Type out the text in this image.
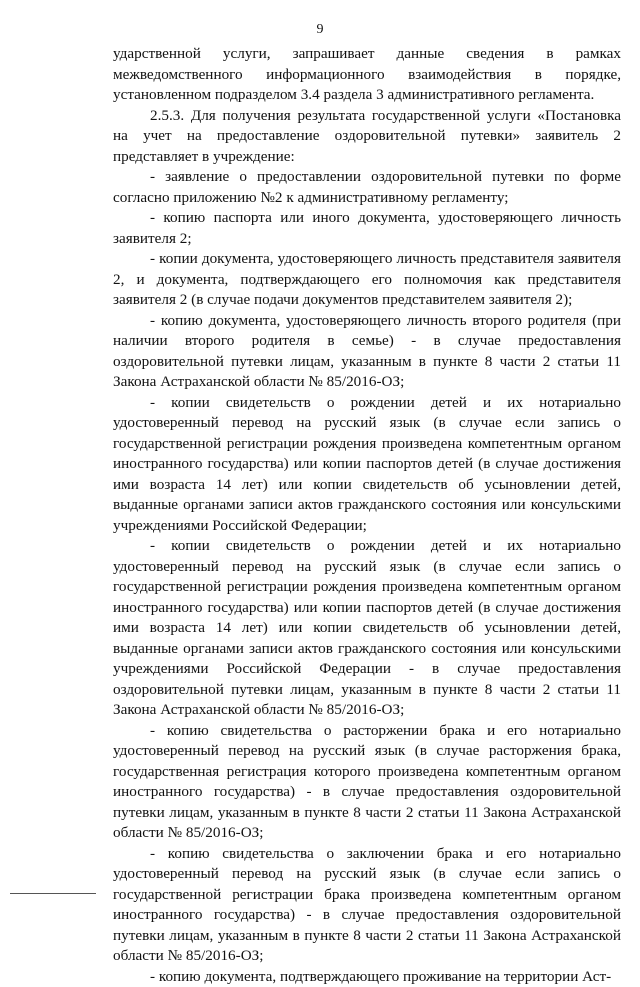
9

ударственной услуги, запрашивает данные сведения в рамках межведомственного информационного взаимодействия в порядке, установленном подразделом 3.4 раздела 3 административного регламента.

2.5.3. Для получения результата государственной услуги «Постановка на учет на предоставление оздоровительной путевки» заявитель 2 представляет в учреждение:

- заявление о предоставлении оздоровительной путевки по форме согласно приложению №2 к административному регламенту;

- копию паспорта или иного документа, удостоверяющего личность заявителя 2;

- копии документа, удостоверяющего личность представителя заявителя 2, и документа, подтверждающего его полномочия как представителя заявителя 2 (в случае подачи документов представителем заявителя 2);

- копию документа, удостоверяющего личность второго родителя (при наличии второго родителя в семье) - в случае предоставления оздоровительной путевки лицам, указанным в пункте 8 части 2 статьи 11 Закона Астраханской области № 85/2016-ОЗ;

- копии свидетельств о рождении детей и их нотариально удостоверенный перевод на русский язык (в случае если запись о государственной регистрации рождения произведена компетентным органом иностранного государства) или копии паспортов детей (в случае достижения ими возраста 14 лет) или копии свидетельств об усыновлении детей, выданные органами записи актов гражданского состояния или консульскими учреждениями Российской Федерации;

- копии свидетельств о рождении детей и их нотариально удостоверенный перевод на русский язык (в случае если запись о государственной регистрации рождения произведена компетентным органом иностранного государства) или копии паспортов детей (в случае достижения ими возраста 14 лет) или копии свидетельств об усыновлении детей, выданные органами записи актов гражданского состояния или консульскими учреждениями Российской Федерации - в случае предоставления оздоровительной путевки лицам, указанным в пункте 8 части 2 статьи 11 Закона Астраханской области № 85/2016-ОЗ;

- копию свидетельства о расторжении брака и его нотариально удостоверенный перевод на русский язык (в случае расторжения брака, государственная регистрация которого произведена компетентным органом иностранного государства) - в случае предоставления оздоровительной путевки лицам, указанным в пункте 8 части 2 статьи 11 Закона Астраханской области № 85/2016-ОЗ;

- копию свидетельства о заключении брака и его нотариально удостоверенный перевод на русский язык (в случае если запись о государственной регистрации брака произведена компетентным органом иностранного государства) - в случае предоставления оздоровительной путевки лицам, указанным в пункте 8 части 2 статьи 11 Закона Астраханской области № 85/2016-ОЗ;

- копию документа, подтверждающего проживание на территории Аст-
